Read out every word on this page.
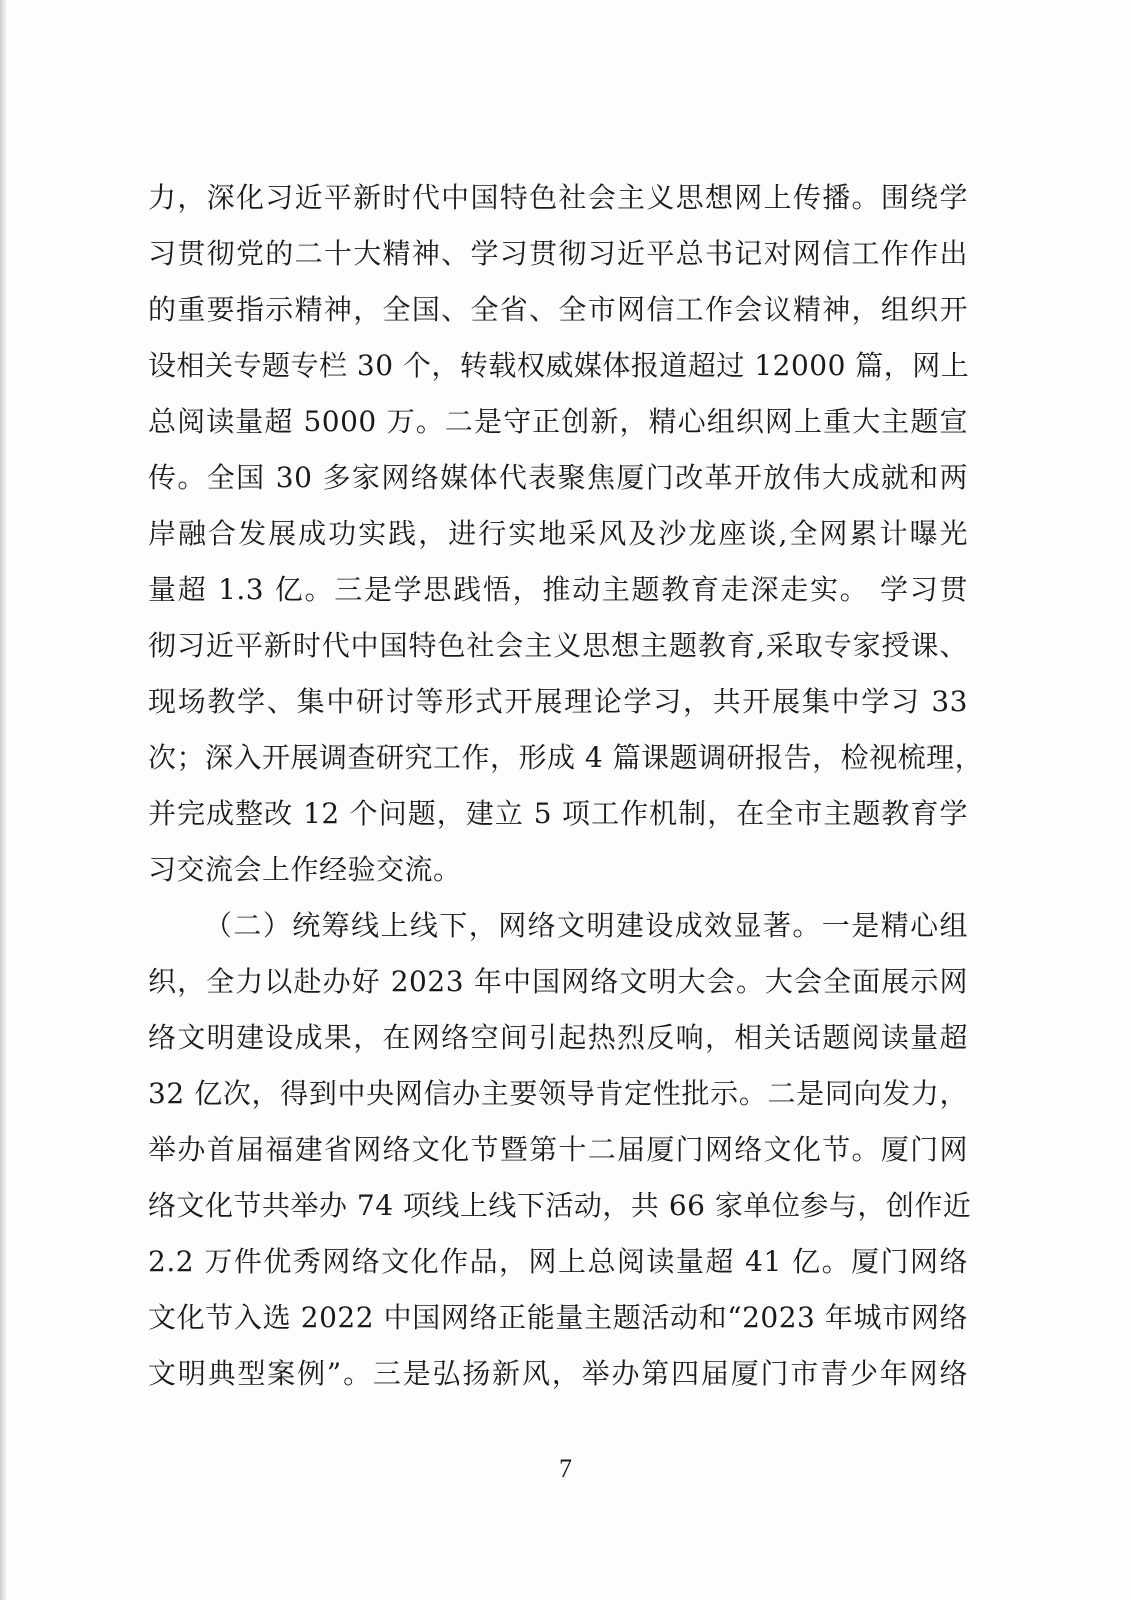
力，深化习近平新时代中国特色社会主义思想网上传播。围绕学
习贯彻党的二十大精神、学习贯彻习近平总书记对网信工作作出
的重要指示精神，全国、全省、全市网信工作会议精神，组织开
设相关专题专栏 30 个，转载权威媒体报道超过 12000 篇，网上
总阅读量超 5000 万。二是守正创新，精心组织网上重大主题宣
传。全国 30 多家网络媒体代表聚焦厦门改革开放伟大成就和两
岸融合发展成功实践，进行实地采风及沙龙座谈,全网累计曝光
量超 1.3 亿。三是学思践悟，推动主题教育走深走实。 学习贯
彻习近平新时代中国特色社会主义思想主题教育,采取专家授课、
现场教学、集中研讨等形式开展理论学习，共开展集中学习 33
次；深入开展调查研究工作，形成 4 篇课题调研报告，检视梳理，
并完成整改 12 个问题，建立 5 项工作机制，在全市主题教育学
习交流会上作经验交流。
（二）统筹线上线下，网络文明建设成效显著。一是精心组
织，全力以赴办好 2023 年中国网络文明大会。大会全面展示网
络文明建设成果，在网络空间引起热烈反响，相关话题阅读量超
32 亿次，得到中央网信办主要领导肯定性批示。二是同向发力，
举办首届福建省网络文化节暨第十二届厦门网络文化节。厦门网
络文化节共举办 74 项线上线下活动，共 66 家单位参与，创作近
2.2 万件优秀网络文化作品，网上总阅读量超 41 亿。厦门网络
文化节入选 2022 中国网络正能量主题活动和“2023 年城市网络
文明典型案例”。三是弘扬新风，举办第四届厦门市青少年网络
7
